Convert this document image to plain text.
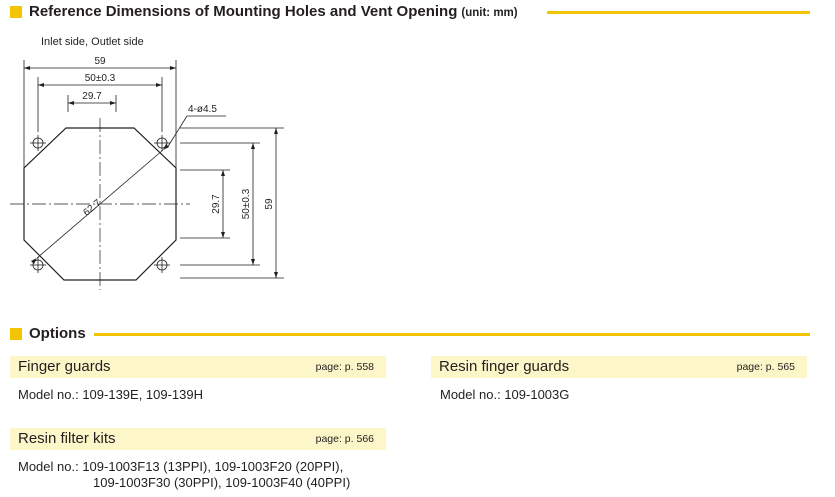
Reference Dimensions of Mounting Holes and Vent Opening (unit: mm)
Inlet side, Outlet side
59
50±0.3
29.7
62.7
4-ø4.5
29.7 50±0.3 59
Options
Finger guards	page: p. 558
Model no.: 109-139E, 109-139H
Resin finger guards	page: p. 565
Model no.: 109-1003G
Resin filter kits	page: p. 566
Model no.: 109-1003F13 (13PPI), 109-1003F20 (20PPI),
109-1003F30 (30PPI), 109-1003F40 (40PPI)
